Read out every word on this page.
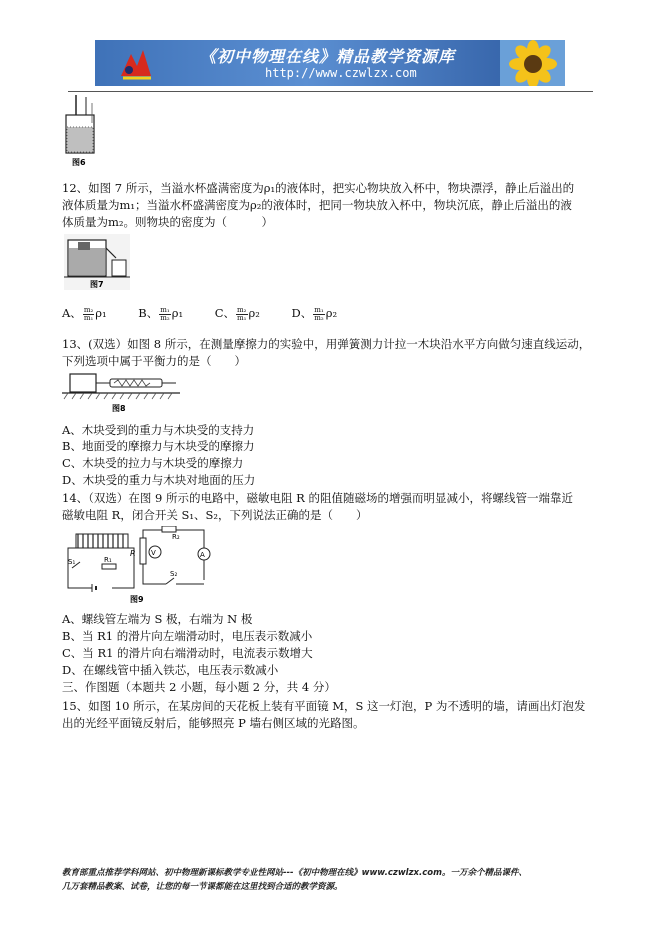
《初中物理在线》精品教学资源库
http://www.czwlzx.com
图6
12、如图 7 所示，当溢水杯盛满密度为ρ₁的液体时，把实心物块放入杯中，物块漂浮，静止后溢出的
液体质量为m₁；当溢水杯盛满密度为ρ₂的液体时，把同一物块放入杯中，物块沉底，静止后溢出的液
体质量为m₂。则物块的密度为（　　　）
图7
A、 $\frac{\text{m₂}}{\text{m₁}} \rho_1$	B、 $\frac{\text{m₁}}{\text{m₂}} \rho_1$	C、 $\frac{\text{m₂}}{\text{m₁}} \rho_2$	D、 $\frac{\text{m₁}}{\text{m₂}} \rho_2$
13、(双选）如图 8 所示，在测量摩擦力的实验中，用弹簧测力计拉一木块沿水平方向做匀速直线运动，
下列选项中属于平衡力的是（　　）
图8
A、木块受到的重力与木块受的支持力
B、地面受的摩擦力与木块受的摩擦力
C、木块受的拉力与木块受的摩擦力
D、木块受的重力与木块对地面的压力
14、（双选）在图 9 所示的电路中，磁敏电阻 R 的阻值随磁场的增强而明显减小，将螺线管一端靠近
磁敏电阻 R，闭合开关 S₁、S₂，下列说法正确的是（　　）
S₁	R₁
R
R₂
V	A
S₂
图9
A、螺线管左端为 S 极，右端为 N 极
B、当 R1 的滑片向左端滑动时，电压表示数减小
C、当 R1 的滑片向右端滑动时，电流表示数增大
D、在螺线管中插入铁芯，电压表示数减小
三、作图题（本题共 2 小题，每小题 2 分，共 4 分）
15、如图 10 所示，在某房间的天花板上装有平面镜 M，S 这一灯泡，P 为不透明的墙，请画出灯泡发
出的光经平面镜反射后，能够照亮 P 墙右侧区域的光路图。
教育部重点推荐学科网站、初中物理新课标教学专业性网站---《初中物理在线》www.czwlzx.com。一万余个精品课件、
几万套精品教案、试卷，让您的每一节课都能在这里找到合适的教学资源。
